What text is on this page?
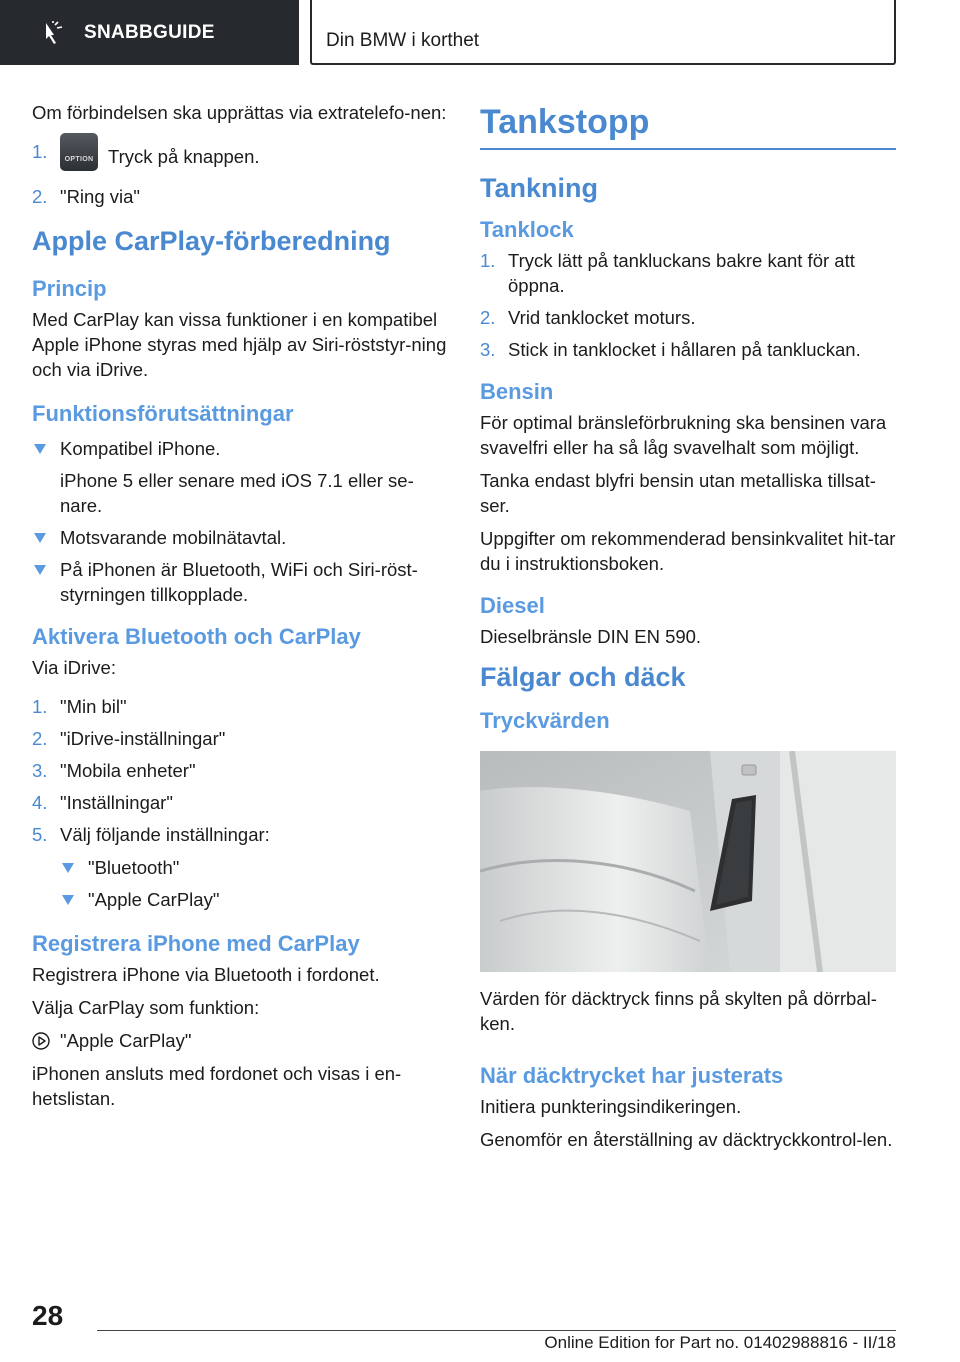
SNABBGUIDE	Din BMW i korthet

Om förbindelsen ska upprättas via extratelefo-nen:

1.	OPTION Tryck på knappen.
2. "Ring via"
Apple CarPlay-förberedning
Princip

Med CarPlay kan vissa funktioner i en kompatibel Apple iPhone styras med hjälp av Siri-röststyr-ning och via iDrive.

Funktionsförutsättningar
Kompatibel iPhone.
iPhone 5 eller senare med iOS 7.1 eller se-nare.
Motsvarande mobilnätavtal.
På iPhonen är Bluetooth, WiFi och Siri-röst-styrningen tillkopplade.
Aktivera Bluetooth och CarPlay

Via iDrive:

1. "Min bil"
2. "iDrive-inställningar"
3. "Mobila enheter"
4. "Inställningar"
5. Välj följande inställningar:
"Bluetooth"
"Apple CarPlay"
Registrera iPhone med CarPlay

Registrera iPhone via Bluetooth i fordonet.

Välja CarPlay som funktion:

"Apple CarPlay"

iPhonen ansluts med fordonet och visas i en-hetslistan.

Tankstopp
Tankning
Tanklock
1. Tryck lätt på tankluckans bakre kant för att öppna.
2. Vrid tanklocket moturs.
3. Stick in tanklocket i hållaren på tankluckan.
Bensin

För optimal bränsleförbrukning ska bensinen vara svavelfri eller ha så låg svavelhalt som möjligt.

Tanka endast blyfri bensin utan metalliska tillsat-ser.

Uppgifter om rekommenderad bensinkvalitet hit-tar du i instruktionsboken.

Diesel

Dieselbränsle DIN EN 590.

Fälgar och däck
Tryckvärden

Värden för däcktryck finns på skylten på dörrbal-ken.

När däcktrycket har justerats

Initiera punkteringsindikeringen.

Genomför en återställning av däcktryckkontrol-len.

28
Online Edition for Part no. 01402988816 - II/18
